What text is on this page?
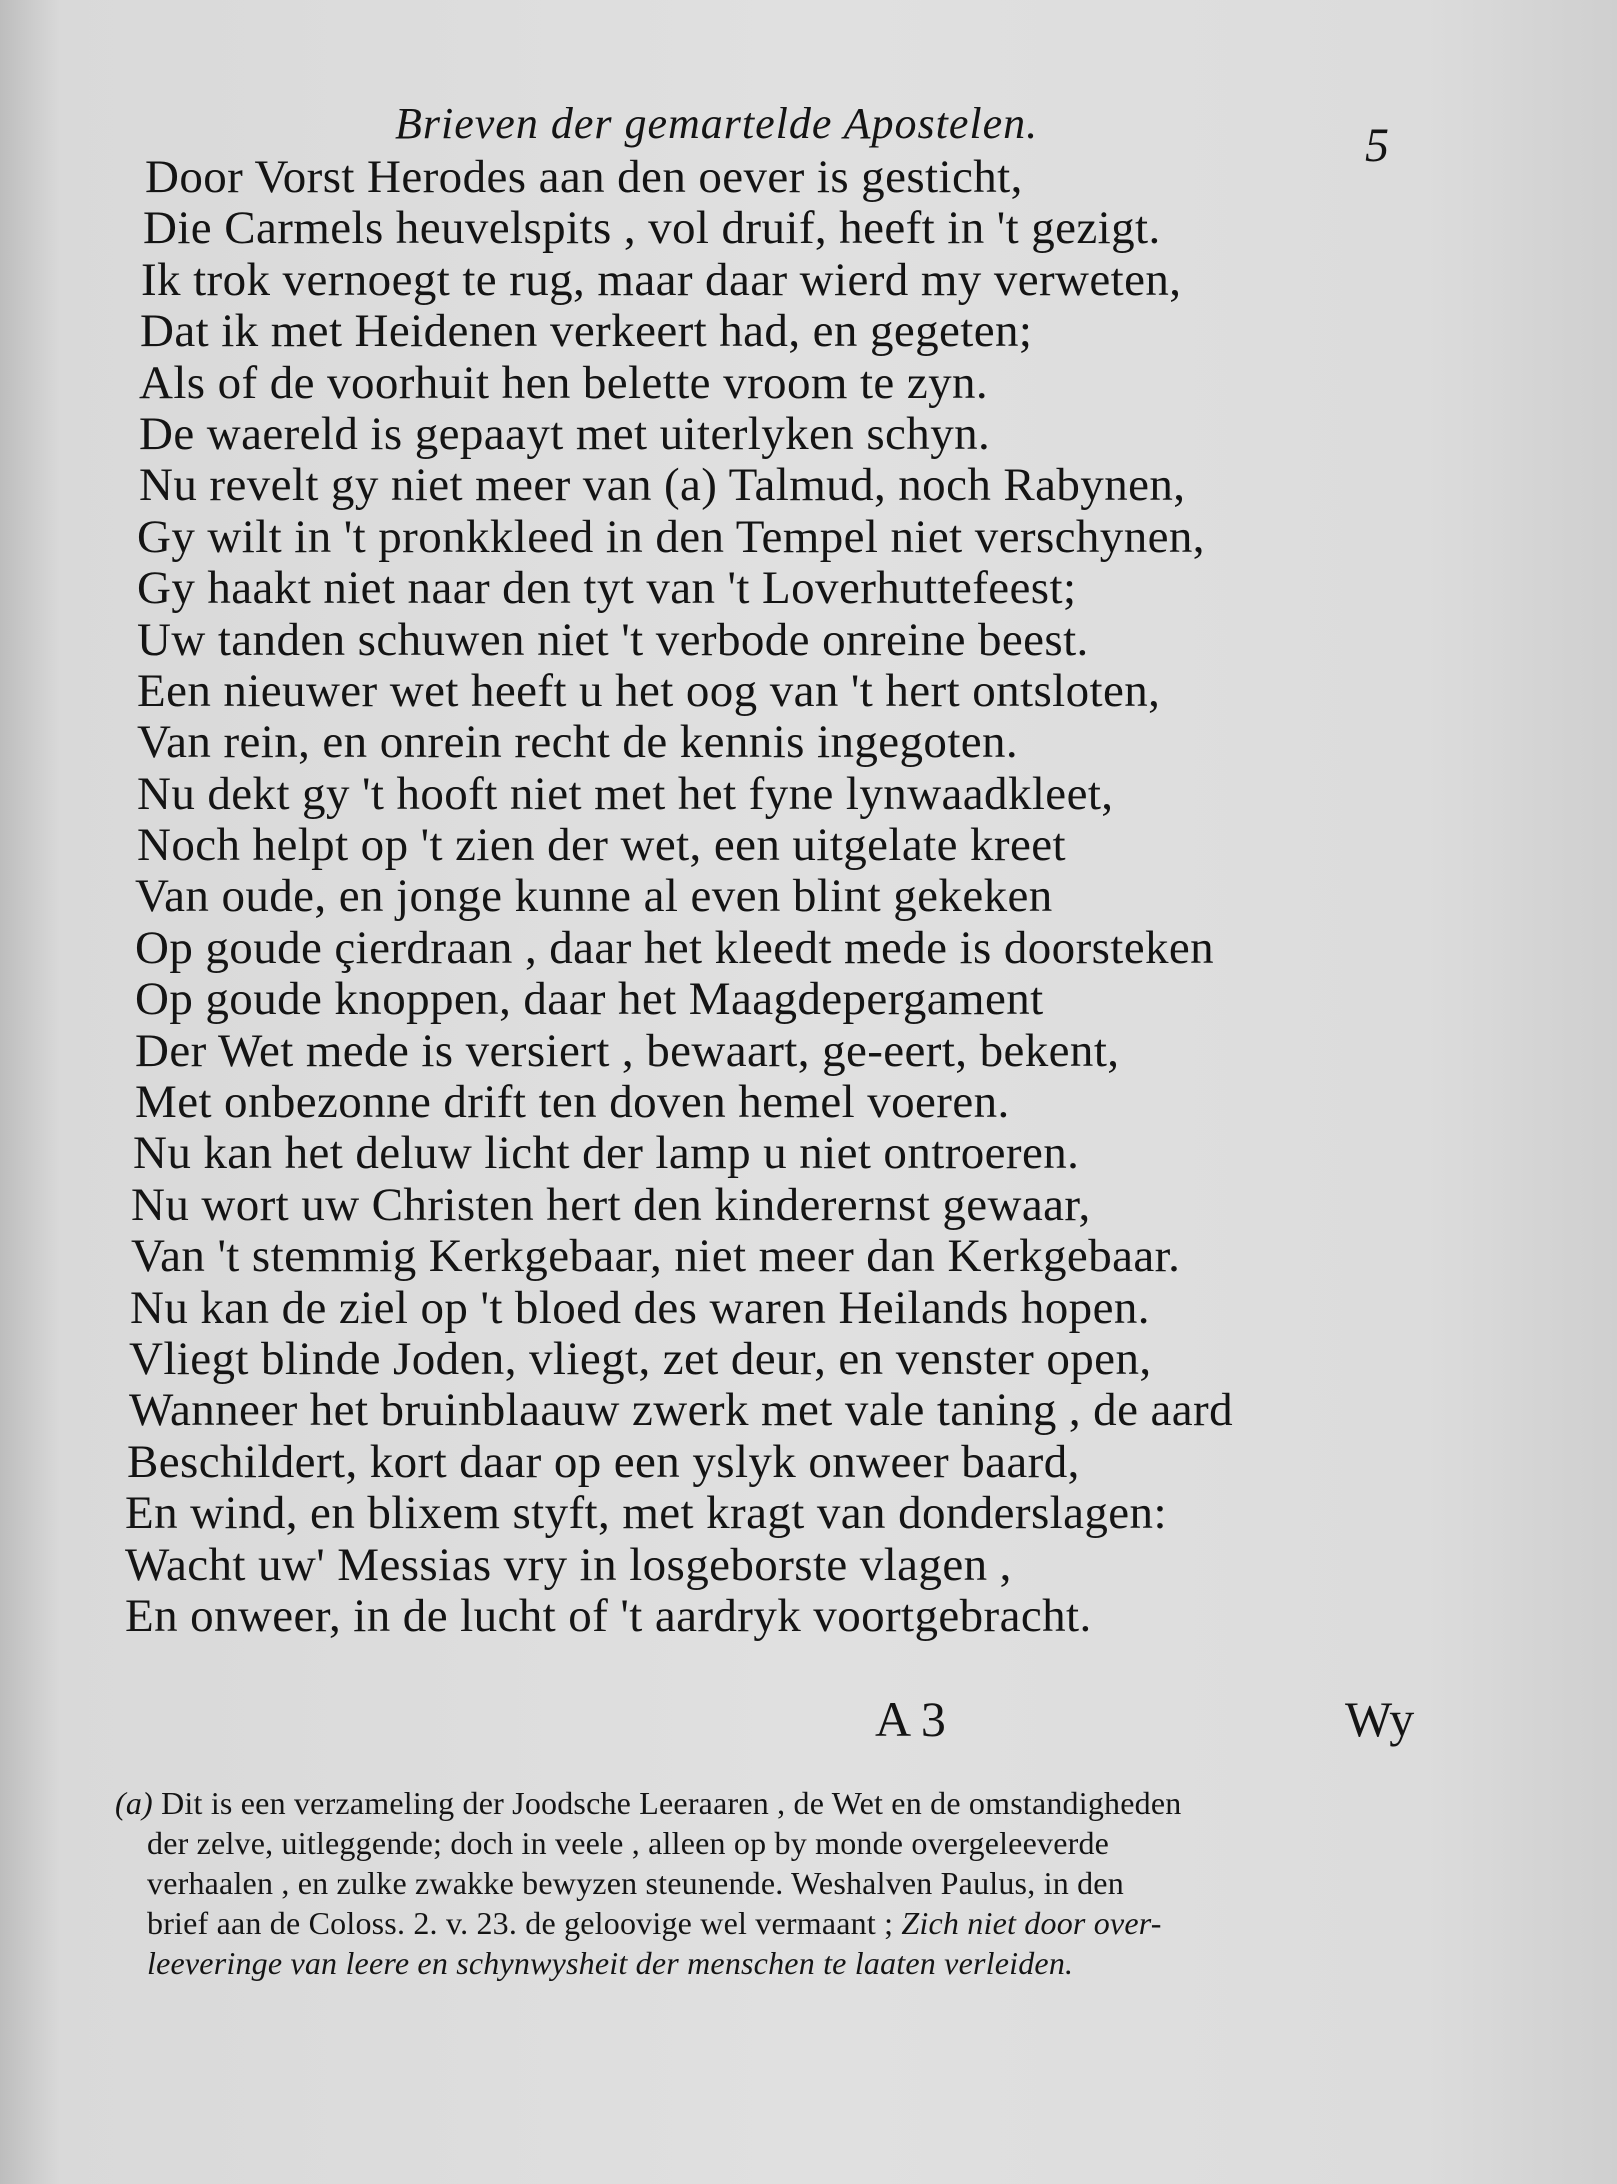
Brieven der gemartelde Apostelen.	5
Door Vorst Herodes aan den oever is gesticht,
Die Carmels heuvelspits , vol druif, heeft in 't gezigt.
Ik trok vernoegt te rug, maar daar wierd my verweten,
Dat ik met Heidenen verkeert had, en gegeten;
Als of de voorhuit hen belette vroom te zyn.
De waereld is gepaayt met uiterlyken schyn.
Nu revelt gy niet meer van (a) Talmud, noch Rabynen,
Gy wilt in 't pronkkleed in den Tempel niet verschynen,
Gy haakt niet naar den tyt van 't Loverhuttefeest;
Uw tanden schuwen niet 't verbode onreine beest.
Een nieuwer wet heeft u het oog van 't hert ontsloten,
Van rein, en onrein recht de kennis ingegoten.
Nu dekt gy 't hooft niet met het fyne lynwaadkleet,
Noch helpt op 't zien der wet, een uitgelate kreet
Van oude, en jonge kunne al even blint gekeken
Op goude çierdraan , daar het kleedt mede is doorsteken
Op goude knoppen, daar het Maagdepergament
Der Wet mede is versiert , bewaart, ge-eert, bekent,
Met onbezonne drift ten doven hemel voeren.
Nu kan het deluw licht der lamp u niet ontroeren.
Nu wort uw Christen hert den kinderernst gewaar,
Van 't stemmig Kerkgebaar, niet meer dan Kerkgebaar.
Nu kan de ziel op 't bloed des waren Heilands hopen.
Vliegt blinde Joden, vliegt, zet deur, en venster open,
Wanneer het bruinblaauw zwerk met vale taning , de aard
Beschildert, kort daar op een yslyk onweer baard,
En wind, en blixem styft, met kragt van donderslagen:
Wacht uw' Messias vry in losgeborste vlagen ,
En onweer, in de lucht of 't aardryk voortgebracht.
A 3	Wy
(a) Dit is een verzameling der Joodsche Leeraaren , de Wet en de omstandigheden
der zelve, uitleggende; doch in veele , alleen op by monde overgeleeverde
verhaalen , en zulke zwakke bewyzen steunende. Weshalven Paulus, in den
brief aan de Coloss. 2. v. 23. de geloovige wel vermaant ; Zich niet door over-
leeveringe van leere en schynwysheit der menschen te laaten verleiden.
